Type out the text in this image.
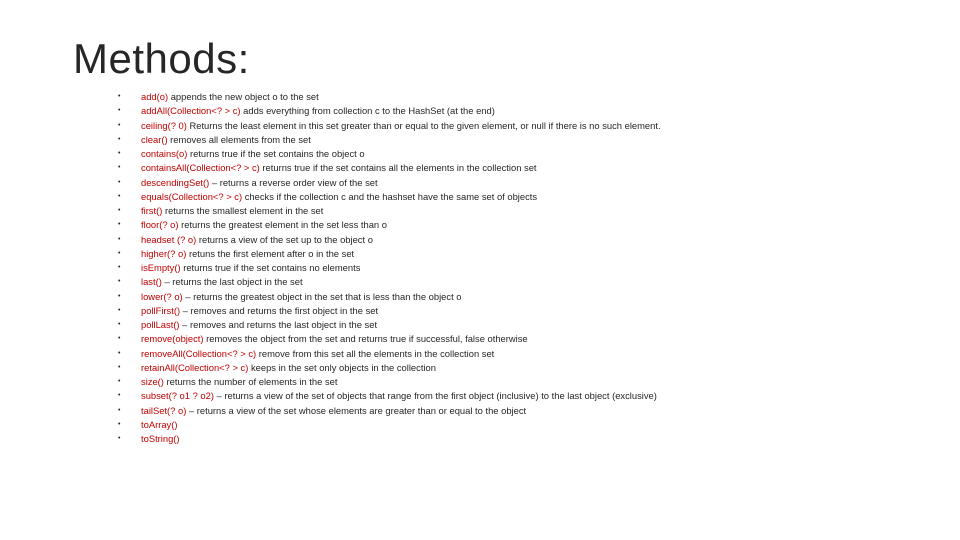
Methods:
•	add(o) appends the new object o to the set
•	addAll(Collection<? > c) adds everything from collection c to the HashSet (at the end)
•	ceiling(? 0) Returns the least element in this set greater than or equal to the given element, or null if there is no such element.
•	clear() removes all elements from the set
•	contains(o) returns true if the set contains the object o
•	containsAll(Collection<? > c) returns true if the set contains all the elements in the collection set
•	descendingSet() – returns a reverse order view of the set
•	equals(Collection<? > c) checks if the collection c and the hashset have the same set of objects
•	first() returns the smallest element in the set
•	floor(? o) returns the greatest element in the set less than o
•	headset (? o) returns a view of the set up to the object o
•	higher(? o) retuns the first element after o in the set
•	isEmpty() returns true if the set contains no elements
•	last() – returns the last object in the set
•	lower(? o) – returns the greatest object in the set that is less than the object o
•	pollFirst() – removes and returns the first object in the set
•	pollLast() – removes and returns the last object in the set
•	remove(object) removes the object from the set and returns true if successful, false otherwise
•	removeAll(Collection<? > c) remove from this set all the elements in the collection set
•	retainAll(Collection<? > c) keeps in the set only objects in the collection
•	size() returns the number of elements in the set
•	subset(? o1 ? o2) – returns a view of the set of objects that range from the first object (inclusive) to the last object (exclusive)
•	tailSet(? o) – returns a view of the set whose elements are greater than or equal to the object
•	toArray()
•	toString()
